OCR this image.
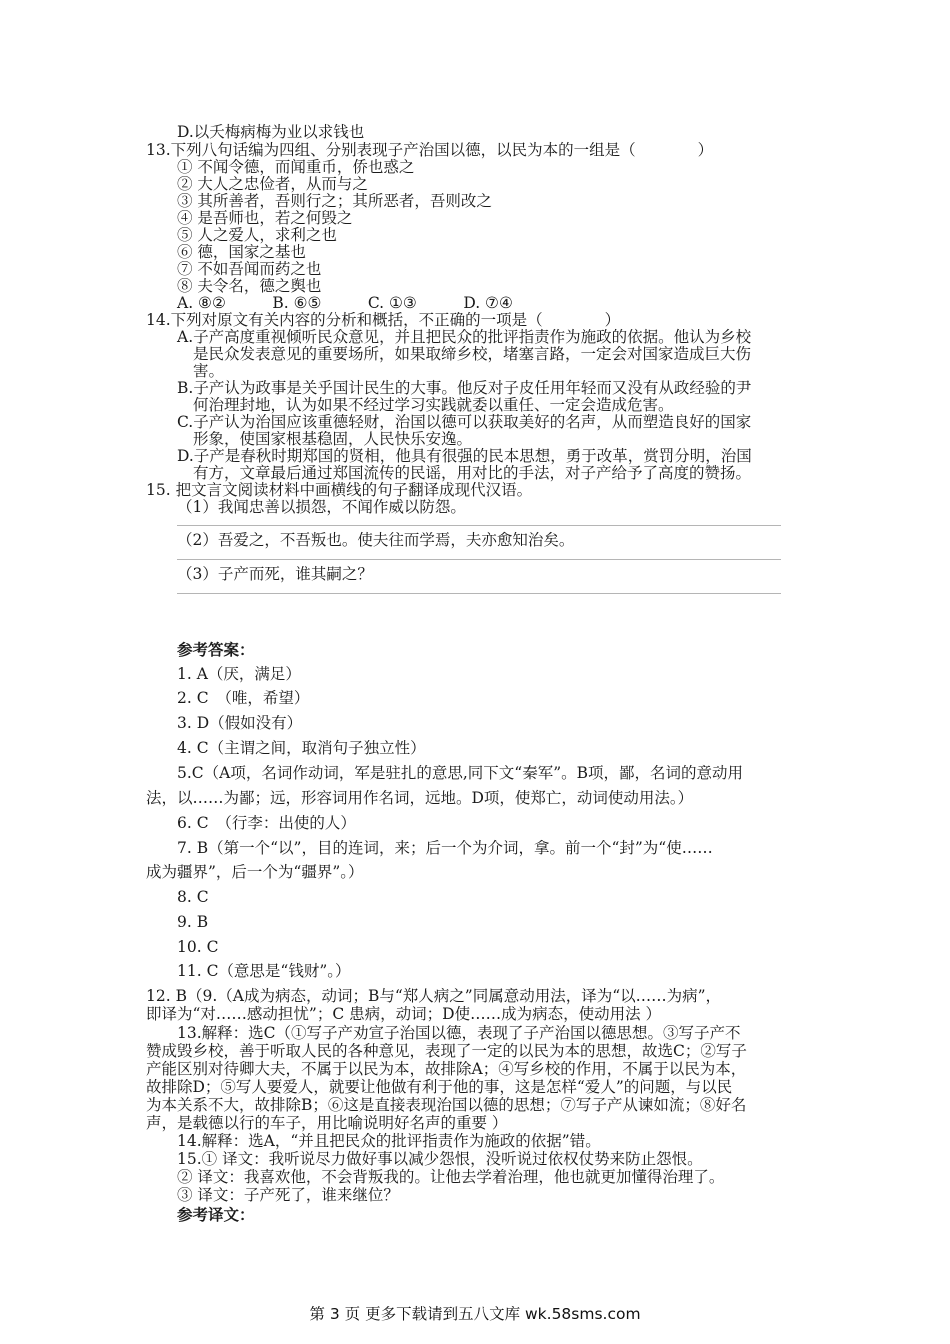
D.以夭梅病梅为业以求钱也
13.下列八句话编为四组、分别表现子产治国以德，以民为本的一组是（　　　　）
① 不闻令德，而闻重币，侨也惑之
② 大人之忠俭者，从而与之
③ 其所善者，吾则行之；其所恶者，吾则改之
④ 是吾师也，若之何毁之
⑤ 人之爱人，求利之也
⑥ 德，国家之基也
⑦ 不如吾闻而药之也
⑧ 夫令名，德之舆也
A. ⑧②　　　B. ⑥⑤　　　C. ①③　　　D. ⑦④
14.下列对原文有关内容的分析和概括，不正确的一项是（　　　　）
A.子产高度重视倾听民众意见，并且把民众的批评指责作为施政的依据。他认为乡校
是民众发表意见的重要场所，如果取缔乡校，堵塞言路，一定会对国家造成巨大伤
害。
B.子产认为政事是关乎国计民生的大事。他反对子皮任用年轻而又没有从政经验的尹
何治理封地，认为如果不经过学习实践就委以重任、一定会造成危害。
C.子产认为治国应该重德轻财，治国以德可以获取美好的名声，从而塑造良好的国家
形象，使国家根基稳固，人民快乐安逸。
D.子产是春秋时期郑国的贤相，他具有很强的民本思想，勇于改革，赏罚分明，治国
有方，文章最后通过郑国流传的民谣，用对比的手法，对子产给予了高度的赞扬。
15. 把文言文阅读材料中画横线的句子翻译成现代汉语。
（1）我闻忠善以损怨，不闻作威以防怨。
（2）吾爱之，不吾叛也。使夫往而学焉，夫亦愈知治矣。
（3）子产而死，谁其嗣之？
参考答案：
1. A（厌，满足）
2. C　（唯，希望）
3. D（假如没有）
4. C（主谓之间，取消句子独立性）
5.C（A项，名词作动词，军是驻扎的意思,同下文“秦军”。B项，鄙，名词的意动用
法，以……为鄙；远，形容词用作名词，远地。D项，使郑亡，动词使动用法。）
6. C　（行李：出使的人）
7. B（第一个“以”，目的连词，来；后一个为介词，拿。前一个“封”为“使……
成为疆界”，后一个为“疆界”。）
8. C
9. B
10. C
11. C（意思是“钱财”。）
12. B（9.（A成为病态，动词；B与“郑人病之”同属意动用法，译为“以……为病”，
即译为“对……感动担忧”；C 患病，动词；D使……成为病态，使动用法 ）
13.解释：选C（①写子产劝宣子治国以德，表现了子产治国以德思想。③写子产不
赞成毁乡校，善于听取人民的各种意见，表现了一定的以民为本的思想，故选C；②写子
产能区别对待卿大夫，不属于以民为本，故排除A；④写乡校的作用，不属于以民为本，
故排除D；⑤写人要爱人，就要让他做有利于他的事，这是怎样“爱人”的问题，与以民
为本关系不大，故排除B；⑥这是直接表现治国以德的思想；⑦写子产从谏如流；⑧好名
声，是载德以行的车子，用比喻说明好名声的重要 ）
14.解释：选A，“并且把民众的批评指责作为施政的依据”错。
15.① 译文：我听说尽力做好事以减少怨恨，没听说过依权仗势来防止怨恨。
② 译文：我喜欢他，不会背叛我的。让他去学着治理，他也就更加懂得治理了。
③ 译文：子产死了，谁来继位？
参考译文：
第 3 页 更多下载请到五八文库 wk.58sms.com
